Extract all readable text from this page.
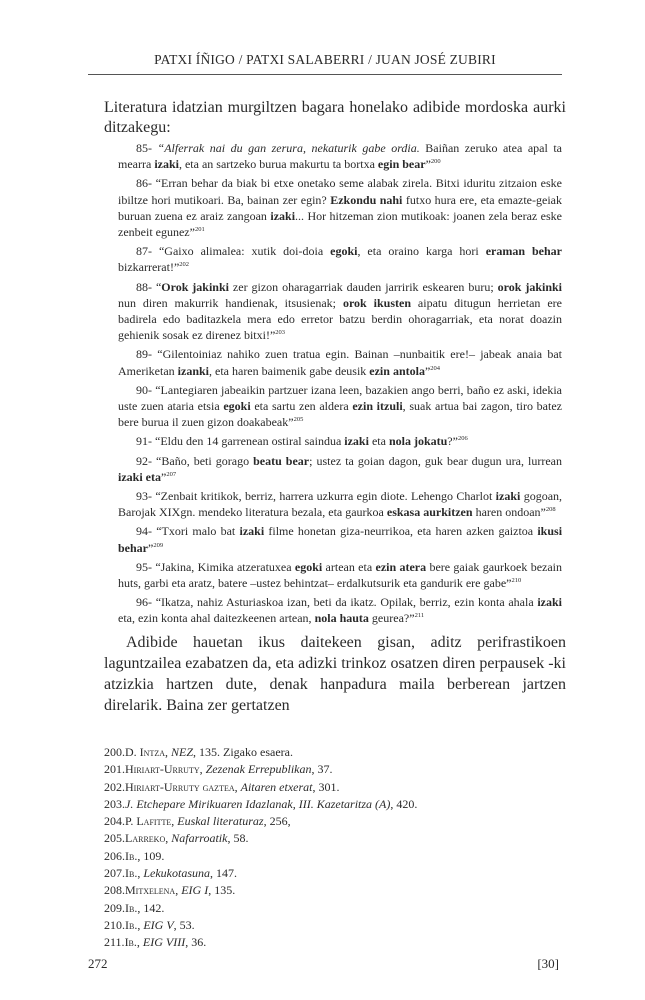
PATXI ÍÑIGO / PATXI SALABERRI / JUAN JOSÉ ZUBIRI

Literatura idatzian murgiltzen bagara honelako adibide mordoska aurki ditzakegu:

85- “Alferrak nai du gan zerura, nekaturik gabe ordia. Baiñan zeruko atea apal ta mearra izaki, eta an sartzeko burua makurtu ta bortxa egin bear”$^{200}$

86- “Erran behar da biak bi etxe onetako seme alabak zirela. Bitxi iduritu zitzaion eske ibiltze hori mutikoari. Ba, bainan zer egin? Ezkondu nahi futxo hura ere, eta emazte-geiak buruan zuena ez araiz zangoan izaki... Hor hitzeman zion mutikoak: joanen zela beraz eske zenbeit egunez”$^{201}$

87- “Gaixo alimalea: xutik doi-doia egoki, eta oraino karga hori eraman behar bizkarrerat!”$^{202}$

88- “Orok jakinki zer gizon oharagarriak dauden jarririk eskearen buru; orok jakinki nun diren makurrik handienak, itsusienak; orok ikusten aipatu ditugun herrietan ere badirela edo baditazkela mera edo erretor batzu berdin ohoragarriak, eta norat doazin gehienik sosak ez direnez bitxi!”$^{203}$

89- “Gilentoiniaz nahiko zuen tratua egin. Bainan –nunbaitik ere!– jabeak anaia bat Ameriketan izanki, eta haren baimenik gabe deusik ezin antola”$^{204}$

90- “Lantegiaren jabeaikin partzuer izana leen, bazakien ango berri, baño ez aski, idekia uste zuen ataria etsia egoki eta sartu zen aldera ezin itzuli, suak artua bai zagon, tiro batez bere burua il zuen gizon doakabeak”$^{205}$

91- “Eldu den 14 garrenean ostiral saindua izaki eta nola jokatu?”$^{206}$

92- “Baño, beti gorago beatu bear; ustez ta goian dagon, guk bear dugun ura, lurrean izaki eta”$^{207}$

93- “Zenbait kritikok, berriz, harrera uzkurra egin diote. Lehengo Charlot izaki gogoan, Barojak XIXgn. mendeko literatura bezala, eta gaurkoa eskasa aurkitzen haren ondoan”$^{208}$

94- “Txori malo bat izaki filme honetan giza-neurrikoa, eta haren azken gaiztoa ikusi behar”$^{209}$

95- “Jakina, Kimika atzeratuxea egoki artean eta ezin atera bere gaiak gaurkoek bezain huts, garbi eta aratz, batere –ustez behintzat– erdalkutsurik eta gandurik ere gabe”$^{210}$

96- “Ikatza, nahiz Asturiaskoa izan, beti da ikatz. Opilak, berriz, ezin konta ahala izaki eta, ezin konta ahal daitezkeenen artean, nola hauta geurea?”$^{211}$

Adibide hauetan ikus daitekeen gisan, aditz perifrastikoen laguntzailea ezabatzen da, eta adizki trinkoz osatzen diren perpausek -ki atzizkia hartzen dute, denak hanpadura maila berberean jartzen direlarik. Baina zer gertatzen

200.D. Intza, NEZ, 135. Zigako esaera.
201.Hiriart-Urruty, Zezenak Errepublikan, 37.
202.Hiriart-Urruty gaztea, Aitaren etxerat, 301.
203.J. Etchepare Mirikuaren Idazlanak, III. Kazetaritza (A), 420.
204.P. Lafitte, Euskal literaturaz, 256,
205.Larreko, Nafarroatik, 58.
206.Ib., 109.
207.Ib., Lekukotasuna, 147.
208.Mitxelena, EIG I, 135.
209.Ib., 142.
210.Ib., EIG V, 53.
211.Ib., EIG VIII, 36.
272	[30]
